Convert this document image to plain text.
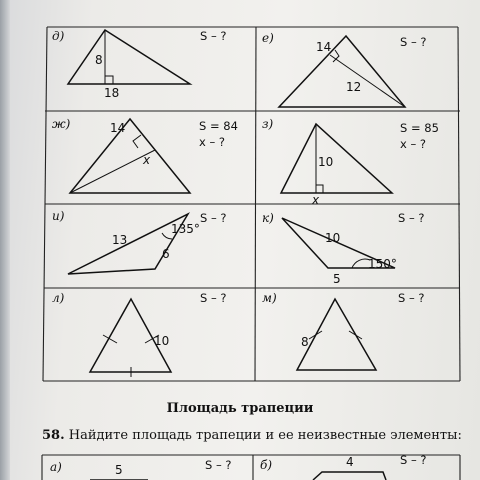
д)	S – ?
8
18
е)	S – ?
14
12
ж)	S = 84
x – ?
14
x
з)	S = 85
x – ?
10
x
и)	S – ?
13
6
135°
к)	S – ?
10
5
150°
л)	S – ?
10
м)	S – ?
8
а)	S – ?
5	б)	S – ?
4
Площадь трапеции
58. Найдите площадь трапеции и ее неизвестные элементы:
